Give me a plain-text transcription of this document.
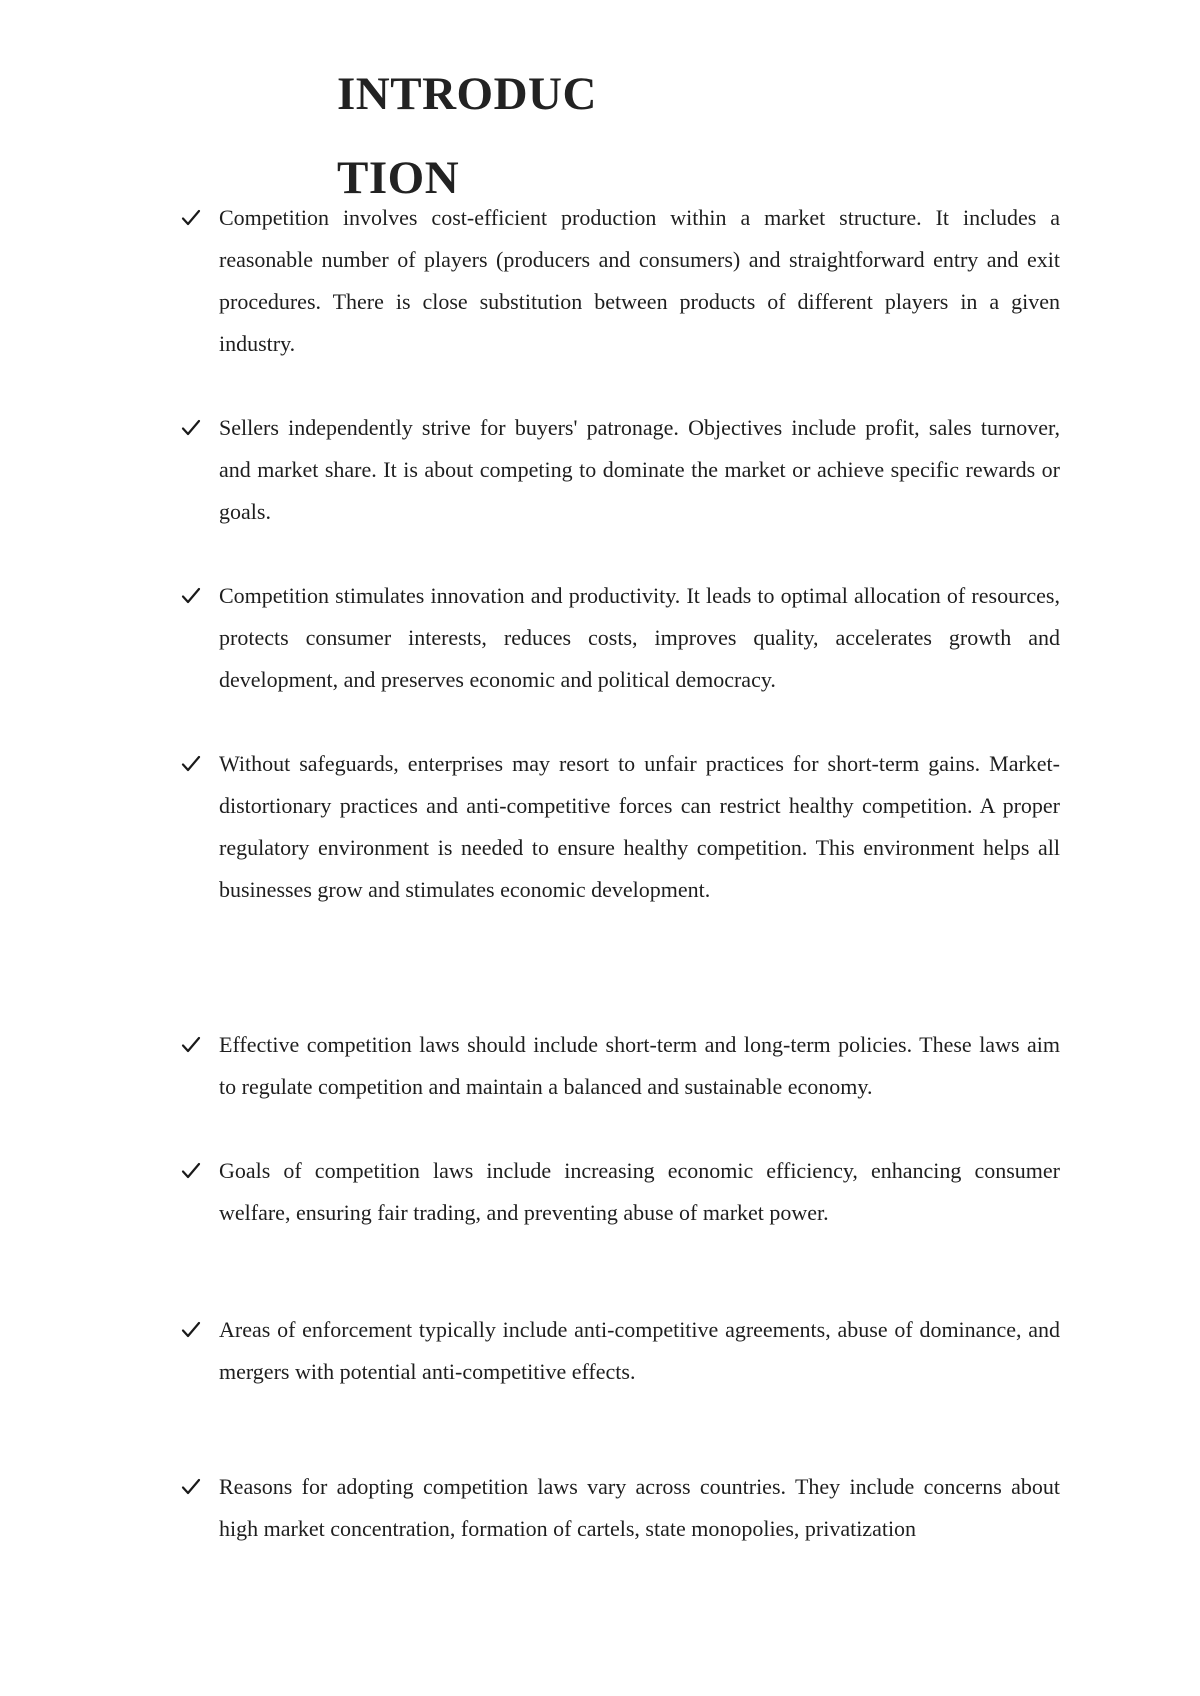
INTRODUCTION

Competition involves cost-efficient production within a market structure. It includes a reasonable number of players (producers and consumers) and straightforward entry and exit procedures. There is close substitution between products of different players in a given industry.

Sellers independently strive for buyers' patronage. Objectives include profit, sales turnover, and market share. It is about competing to dominate the market or achieve specific rewards or goals.

Competition stimulates innovation and productivity. It leads to optimal allocation of resources, protects consumer interests, reduces costs, improves quality, accelerates growth and development, and preserves economic and political democracy.

Without safeguards, enterprises may resort to unfair practices for short-term gains. Market-distortionary practices and anti-competitive forces can restrict healthy competition. A proper regulatory environment is needed to ensure healthy competition. This environment helps all businesses grow and stimulates economic development.

Effective competition laws should include short-term and long-term policies. These laws aim to regulate competition and maintain a balanced and sustainable economy.

Goals of competition laws include increasing economic efficiency, enhancing consumer welfare, ensuring fair trading, and preventing abuse of market power.

Areas of enforcement typically include anti-competitive agreements, abuse of dominance, and mergers with potential anti-competitive effects.

Reasons for adopting competition laws vary across countries. They include concerns about high market concentration, formation of cartels, state monopolies, privatization
